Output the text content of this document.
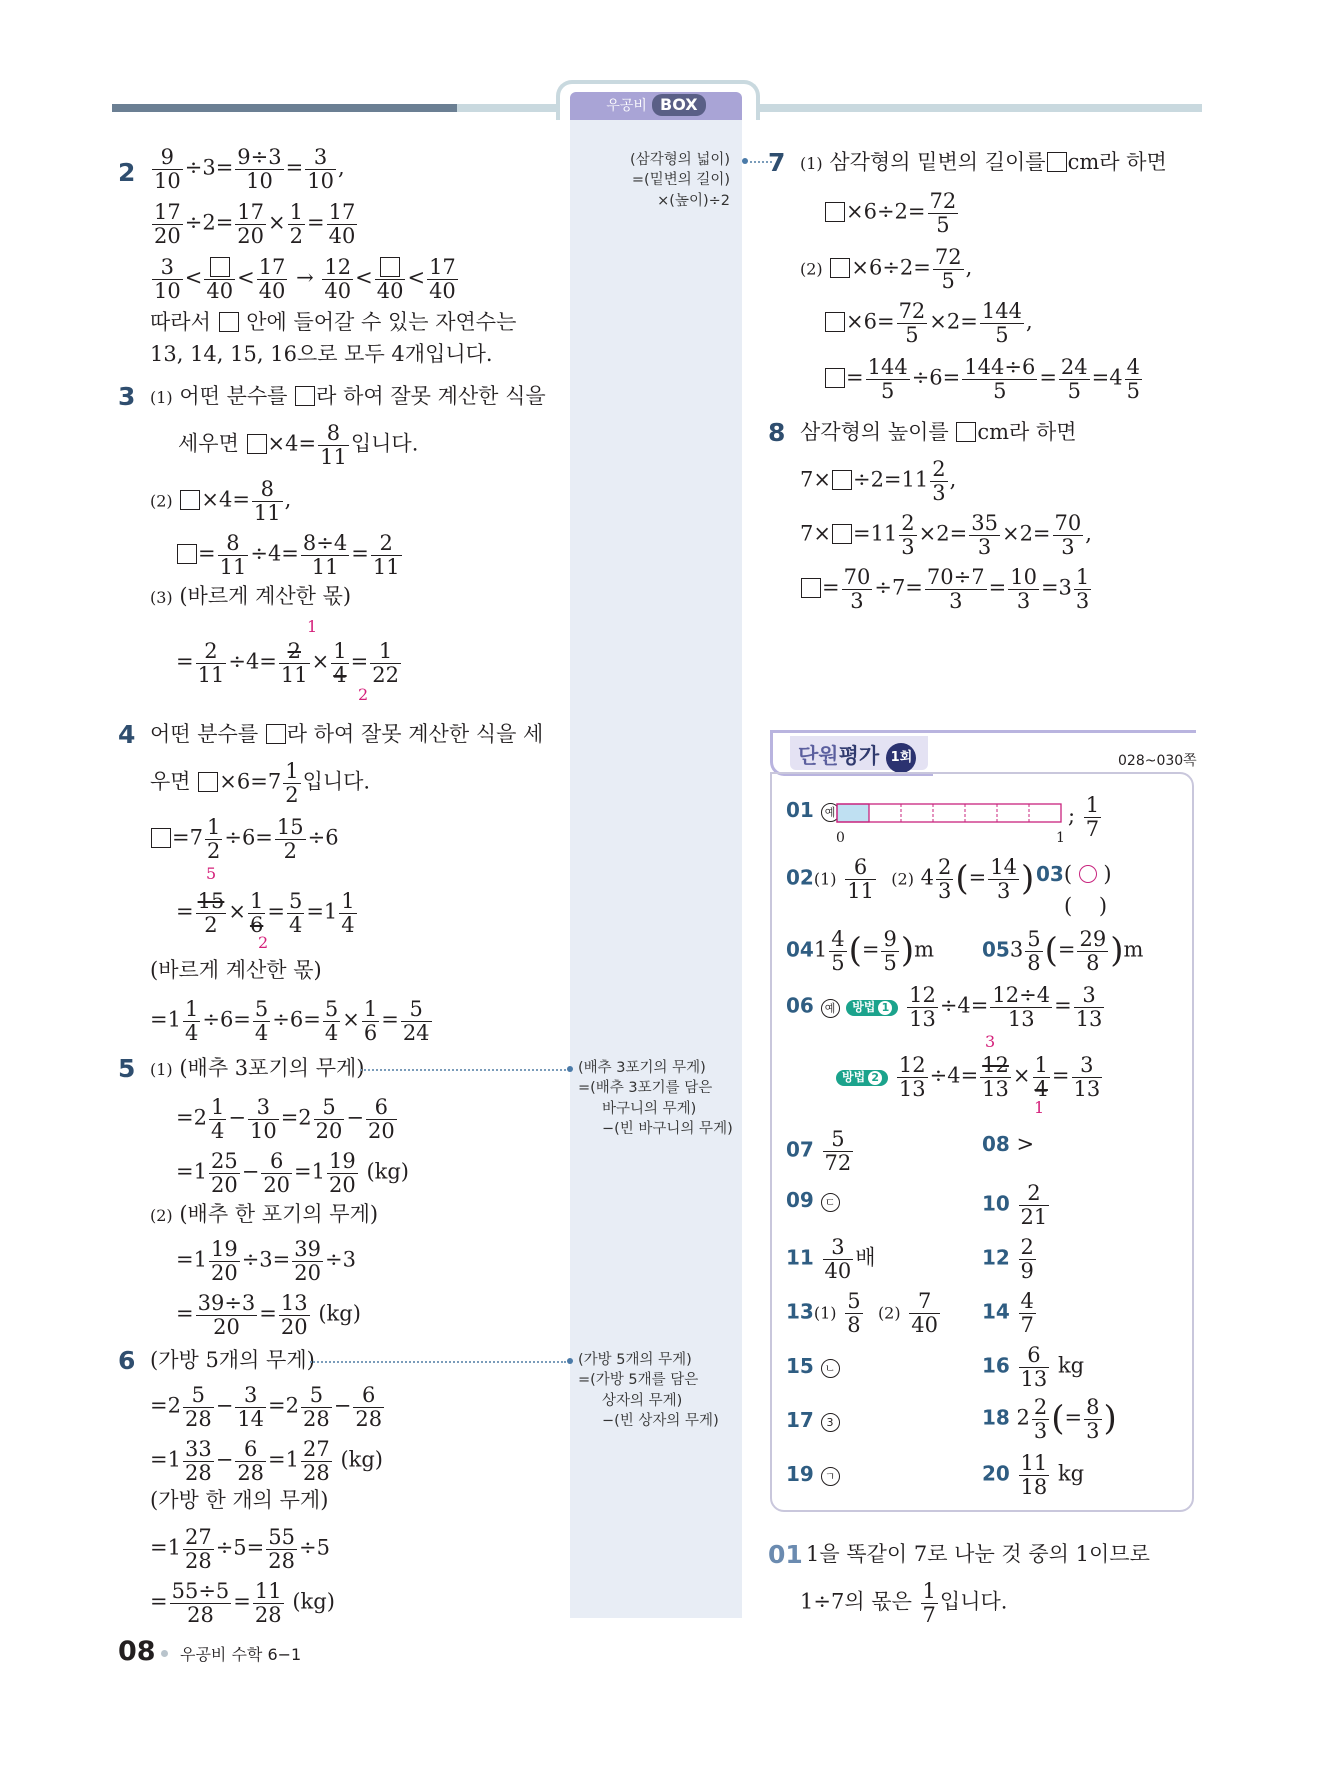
우공비 BOX
$2 \frac{9}{10} \div 3= \frac{9\div 3}{10} = \frac{3}{10}$ ,
$\frac{17}{20} \div 2= \frac{17}{20} \times \frac{1}{2} = \frac{17}{40}$
$\frac{3}{10}$ <
40
< $\frac{17}{40} \to \frac{12}{40}$ <
40
< $\frac{17}{40}$
따라서 안에 들어갈 수 있는 자연수는
13, 14, 15, 16으로 모두 4개입니다.
3 (1) 어떤 분수를 라 하여 잘못 계산한 식을
세우면 $\times 4= \frac{8}{11}$ 입니다.
$(2) \times 4= \frac{8}{11}$ ,
= $\frac{8}{11} \div 4= \frac{8\div 4}{11} = \frac{2}{11}$
(3) (바르게 계산한 몫)
= $\frac{2}{11} \div 4= \frac{2}{11} \times \frac{1}{4} = \frac{1}{22}$
1
2
4 어떤 분수를 라 하여 잘못 계산한 식을 세
우면 $\times 6=7 \frac{1}{2}$ 입니다.
$=7 \frac{1}{2} \div 6= \frac{15}{2} \div 6$
= $\frac{15}{2} \times \frac{1}{6} = \frac{5}{4} =1 \frac{1}{4}$
5
2
(바르게 계산한 몫)
$=1 \frac{1}{4} \div 6= \frac{5}{4} \div 6= \frac{5}{4} \times \frac{1}{6} = \frac{5}{24}$
5 (1) (배추 3포기의 무게)
$=2 \frac{1}{4} - \frac{3}{10} =2 \frac{5}{20} - \frac{6}{20}$
$=1 \frac{25}{20} - \frac{6}{20} =1 \frac{19}{20} (kg)$
(2) (배추 한 포기의 무게)
$=1 \frac{19}{20} \div 3= \frac{39}{20} \div 3$
= $\frac{39\div 3}{20} = \frac{13}{20} (kg)$
6 (가방 5개의 무게)
$=2 \frac{5}{28} - \frac{3}{14} =2 \frac{5}{28} - \frac{6}{28}$
$=1 \frac{33}{28} - \frac{6}{28} =1 \frac{27}{28} (kg)$
(가방 한 개의 무게)
$=1 \frac{27}{28} \div 5= \frac{55}{28} \div 5$
= $\frac{55\div 5}{28} = \frac{11}{28} (kg)$
(삼각형의 넓이)
=(밑변의 길이)
×(높이)÷2
(배추 3포기의 무게)
=(배추 3포기를 담은
바구니의 무게)
−(빈 바구니의 무게)
(가방 5개의 무게)
=(가방 5개를 담은
상자의 무게)
−(빈 상자의 무게)
7 (1) 삼각형의 밑변의 길이를 cm라 하면
$\times 6\div 2= \frac{72}{5}$
$(2) \times 6\div 2= \frac{72}{5}$ ,
$\times 6= \frac{72}{5} \times 2= \frac{144}{5}$ ,
= $\frac{144}{5} \div 6= \frac{144\div 6}{5} = \frac{24}{5} =4 \frac{4}{5}$
8 삼각형의 높이를 cm라 하면
$7\times \div 2=11 \frac{2}{3}$ ,
$7\times =11 \frac{2}{3} \times 2= \frac{35}{3} \times 2= \frac{70}{3}$ ,
= $\frac{70}{3} \div 7= \frac{70\div 7}{3} = \frac{10}{3} =3 \frac{1}{3}$
단원평가 1회	028~030쪽
01 예
0	1
; $\frac{1}{7}$
$02(1) \frac{6}{11} (2)$ $4 \frac{2}{3}$ (= $\frac{14}{3}$ ) 03(  )
(    )
$041 \frac{4}{5}$ (= $\frac{9}{5} )m$ $053 \frac{5}{8}$ (= $\frac{29}{8} )m$
06 예 방법 $1 \frac{12}{13} \div 4= \frac{12\div 4}{13} = \frac{3}{13}$
방법 $2 \frac{12}{13} \div 4= \frac{12}{13} \times \frac{1}{4} = \frac{3}{13}$
3
1
$07 \frac{5}{72}$	08 >
09 ㄷ	$10 \frac{2}{21}$
$11 \frac{3}{40}$ 배	$12 \frac{2}{9}$
$13(1) \frac{5}{8} (2) \frac{7}{40} 14 \frac{4}{7}$
15 ㄴ	$16 \frac{6}{13}$ kg
17 3	18 $2 \frac{2}{3}$ (= $\frac{8}{3}$ )
19 ㄱ	$20 \frac{11}{18}$ kg
01 1을 똑같이 7로 나눈 것 중의 1이므로
1÷7의 몫은 $\frac{1}{7}$ 입니다.
08 우공비 수학 6−1
